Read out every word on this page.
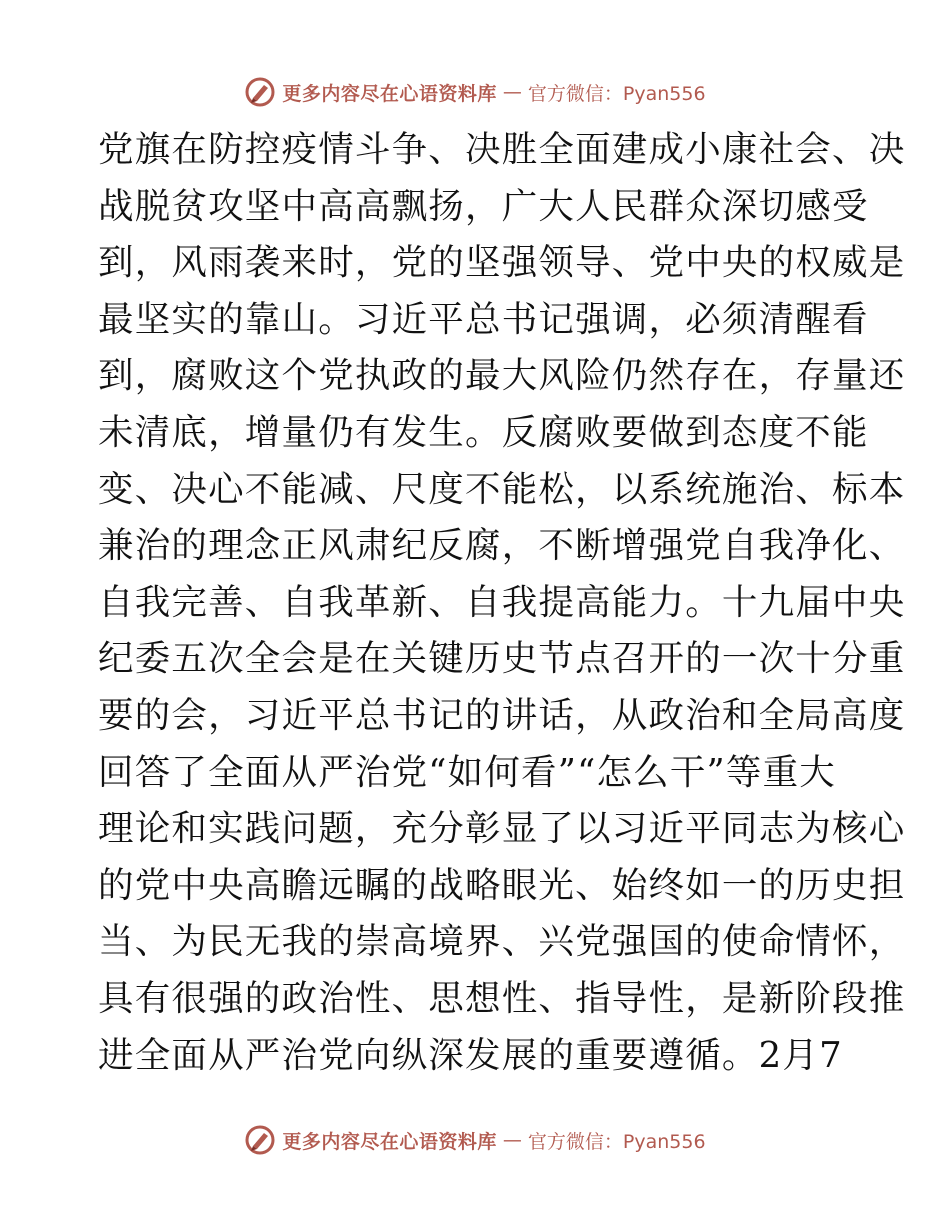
更多内容尽在心语资料库 — 官方微信：Pyan556
党旗在防控疫情斗争、决胜全面建成小康社会、决
战脱贫攻坚中高高飘扬，广大人民群众深切感受
到，风雨袭来时，党的坚强领导、党中央的权威是
最坚实的靠山。习近平总书记强调，必须清醒看
到，腐败这个党执政的最大风险仍然存在，存量还
未清底，增量仍有发生。反腐败要做到态度不能
变、决心不能减、尺度不能松，以系统施治、标本
兼治的理念正风肃纪反腐，不断增强党自我净化、
自我完善、自我革新、自我提高能力。十九届中央
纪委五次全会是在关键历史节点召开的一次十分重
要的会，习近平总书记的讲话，从政治和全局高度
回答了全面从严治党“如何看”“怎么干”等重大
理论和实践问题，充分彰显了以习近平同志为核心
的党中央高瞻远瞩的战略眼光、始终如一的历史担
当、为民无我的崇高境界、兴党强国的使命情怀，
具有很强的政治性、思想性、指导性，是新阶段推
进全面从严治党向纵深发展的重要遵循。2月7
更多内容尽在心语资料库 — 官方微信：Pyan556
